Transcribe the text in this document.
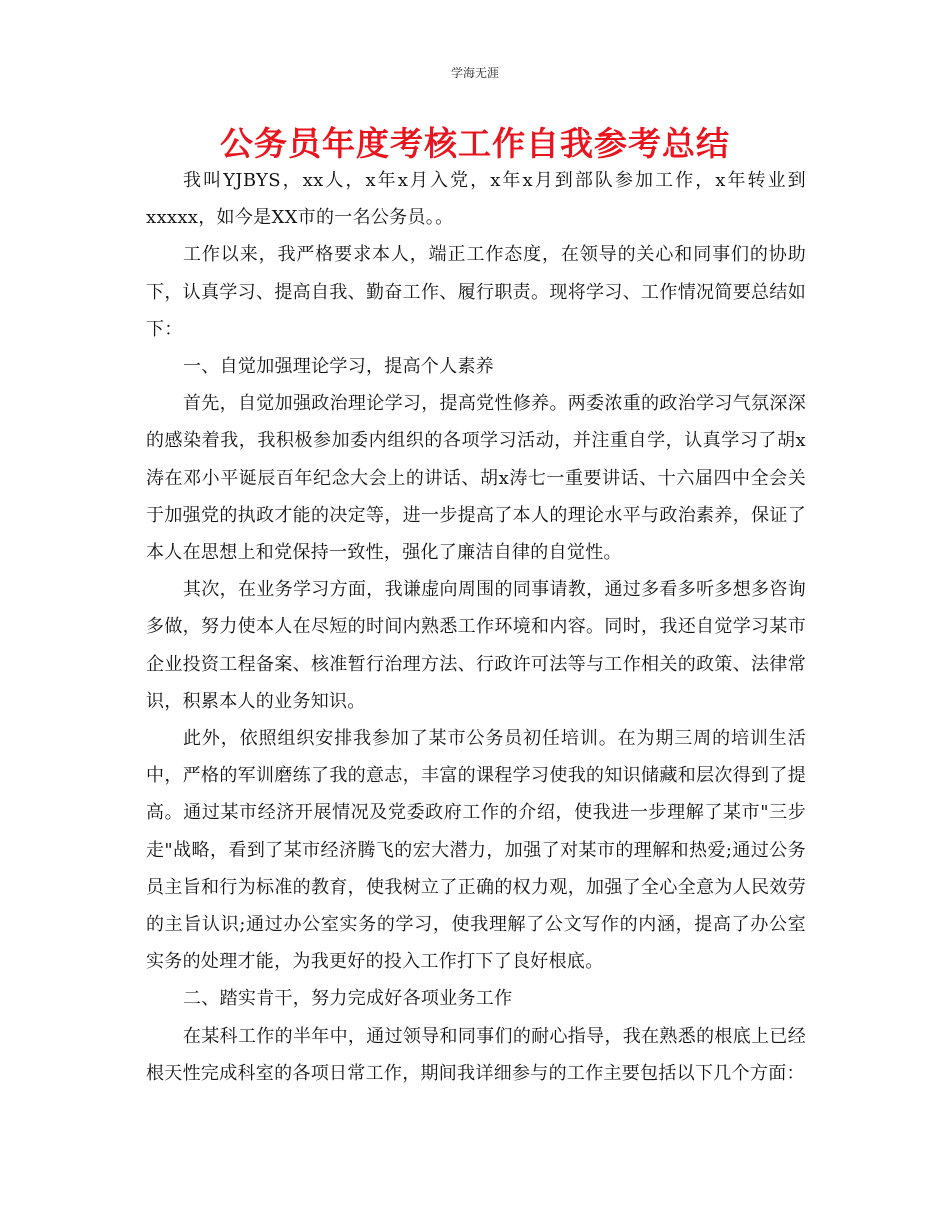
学海无涯
公务员年度考核工作自我参考总结

我叫YJBYS，xx人，x年x月入党，x年x月到部队参加工作，x年转业到xxxxx，如今是XX市的一名公务员。。

工作以来，我严格要求本人，端正工作态度，在领导的关心和同事们的协助下，认真学习、提高自我、勤奋工作、履行职责。现将学习、工作情况简要总结如下：

一、自觉加强理论学习，提高个人素养

首先，自觉加强政治理论学习，提高党性修养。两委浓重的政治学习气氛深深的感染着我，我积极参加委内组织的各项学习活动，并注重自学，认真学习了胡x涛在邓小平诞辰百年纪念大会上的讲话、胡x涛七一重要讲话、十六届四中全会关于加强党的执政才能的决定等，进一步提高了本人的理论水平与政治素养，保证了本人在思想上和党保持一致性，强化了廉洁自律的自觉性。

其次，在业务学习方面，我谦虚向周围的同事请教，通过多看多听多想多咨询多做，努力使本人在尽短的时间内熟悉工作环境和内容。同时，我还自觉学习某市企业投资工程备案、核准暂行治理方法、行政许可法等与工作相关的政策、法律常识，积累本人的业务知识。

此外，依照组织安排我参加了某市公务员初任培训。在为期三周的培训生活中，严格的军训磨练了我的意志，丰富的课程学习使我的知识储藏和层次得到了提高。通过某市经济开展情况及党委政府工作的介绍，使我进一步理解了某市"三步走"战略，看到了某市经济腾飞的宏大潜力，加强了对某市的理解和热爱;通过公务员主旨和行为标准的教育，使我树立了正确的权力观，加强了全心全意为人民效劳的主旨认识;通过办公室实务的学习，使我理解了公文写作的内涵，提高了办公室实务的处理才能，为我更好的投入工作打下了良好根底。

二、踏实肯干，努力完成好各项业务工作

在某科工作的半年中，通过领导和同事们的耐心指导，我在熟悉的根底上已经根天性完成科室的各项日常工作，期间我详细参与的工作主要包括以下几个方面：
